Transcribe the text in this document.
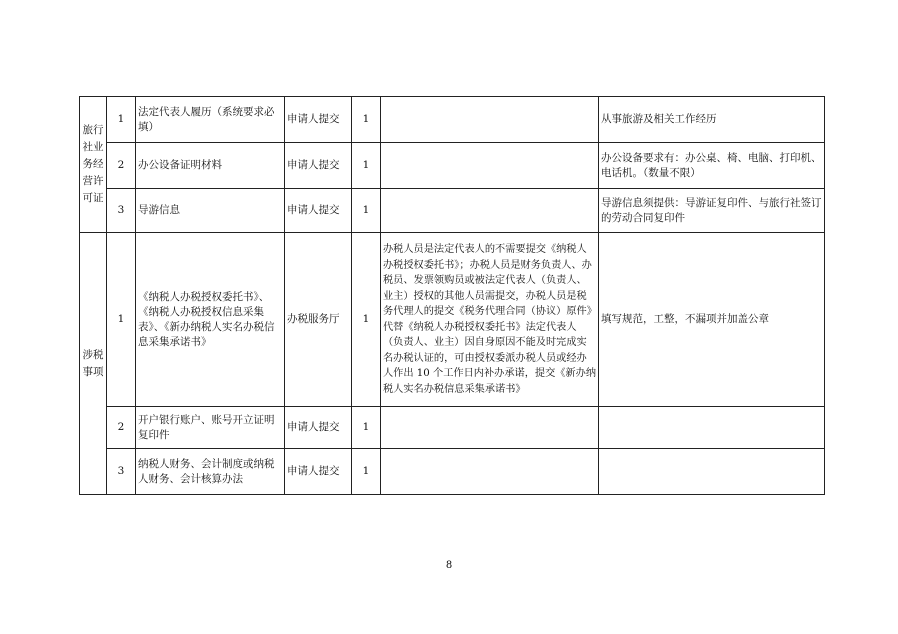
旅行社业务经营许可证	1	法定代表人履历（系统要求必填）	申请人提交	1		从事旅游及相关工作经历
	2	办公设备证明材料	申请人提交	1		办公设备要求有：办公桌、椅、电脑、打印机、电话机。（数量不限）
	3	导游信息	申请人提交	1		导游信息须提供：导游证复印件、与旅行社签订的劳动合同复印件
涉税事项	1	《纳税人办税授权委托书》、《纳税人办税授权信息采集表》、《新办纳税人实名办税信息采集承诺书》	办税服务厅	1	办税人员是法定代表人的不需要提交《纳税人办税授权委托书》；办税人员是财务负责人、办税员、发票领购员或被法定代表人（负责人、业主）授权的其他人员需提交，办税人员是税务代理人的提交《税务代理合同（协议）原件》代替《纳税人办税授权委托书》法定代表人（负责人、业主）因自身原因不能及时完成实名办税认证的，可由授权委派办税人员或经办人作出 10 个工作日内补办承诺，提交《新办纳税人实名办税信息采集承诺书》	填写规范，工整，不漏项并加盖公章
	2	开户银行账户、账号开立证明复印件	申请人提交	1		
	3	纳税人财务、会计制度或纳税人财务、会计核算办法	申请人提交	1		
8
